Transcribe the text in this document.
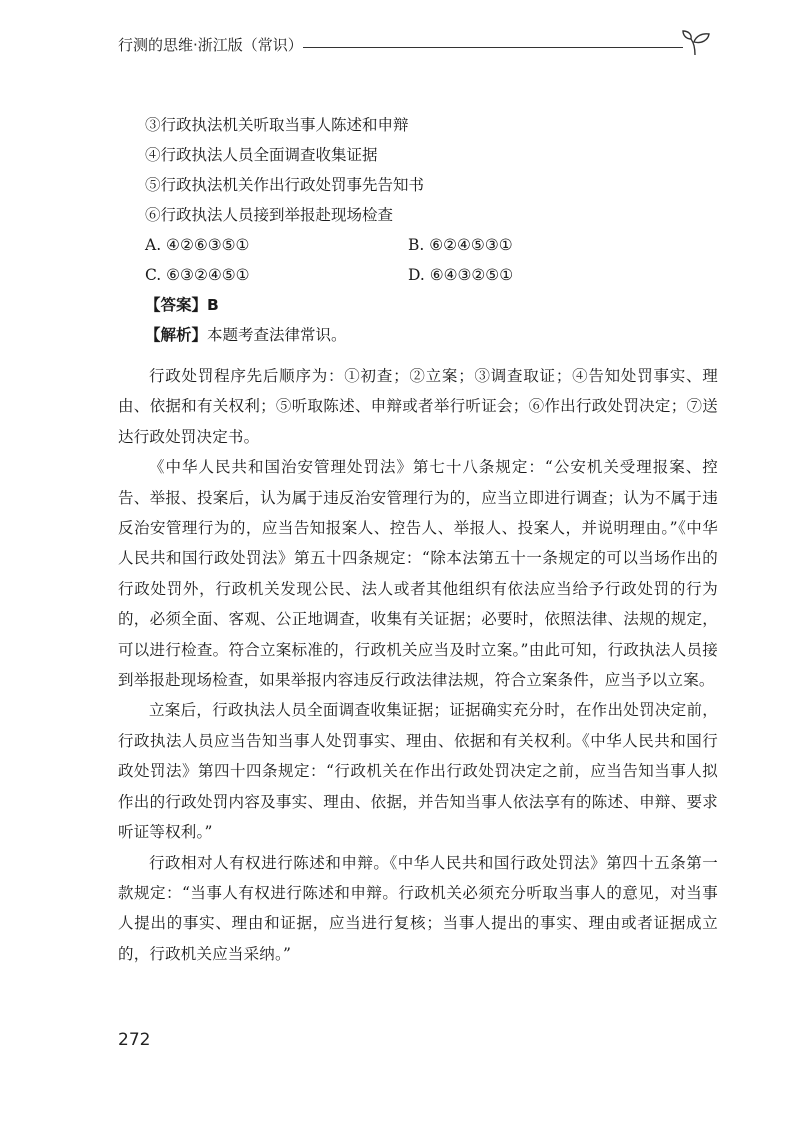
行测的思维·浙江版（常识）
③行政执法机关听取当事人陈述和申辩
④行政执法人员全面调查收集证据
⑤行政执法机关作出行政处罚事先告知书
⑥行政执法人员接到举报赴现场检查
A. ④②⑥③⑤①	B. ⑥②④⑤③①
C. ⑥③②④⑤①	D. ⑥④③②⑤①
【答案】B
【解析】本题考查法律常识。

行政处罚程序先后顺序为：①初查；②立案；③调查取证；④告知处罚事实、理由、依据和有关权利；⑤听取陈述、申辩或者举行听证会；⑥作出行政处罚决定；⑦送达行政处罚决定书。

《中华人民共和国治安管理处罚法》第七十八条规定：“公安机关受理报案、控告、举报、投案后，认为属于违反治安管理行为的，应当立即进行调查；认为不属于违反治安管理行为的，应当告知报案人、控告人、举报人、投案人，并说明理由。”《中华人民共和国行政处罚法》第五十四条规定：“除本法第五十一条规定的可以当场作出的行政处罚外，行政机关发现公民、法人或者其他组织有依法应当给予行政处罚的行为的，必须全面、客观、公正地调查，收集有关证据；必要时，依照法律、法规的规定，可以进行检查。符合立案标准的，行政机关应当及时立案。”由此可知，行政执法人员接到举报赴现场检查，如果举报内容违反行政法律法规，符合立案条件，应当予以立案。

立案后，行政执法人员全面调查收集证据；证据确实充分时，在作出处罚决定前，行政执法人员应当告知当事人处罚事实、理由、依据和有关权利。《中华人民共和国行政处罚法》第四十四条规定：“行政机关在作出行政处罚决定之前，应当告知当事人拟作出的行政处罚内容及事实、理由、依据，并告知当事人依法享有的陈述、申辩、要求听证等权利。”

行政相对人有权进行陈述和申辩。《中华人民共和国行政处罚法》第四十五条第一款规定：“当事人有权进行陈述和申辩。行政机关必须充分听取当事人的意见，对当事人提出的事实、理由和证据，应当进行复核；当事人提出的事实、理由或者证据成立的，行政机关应当采纳。”

272
